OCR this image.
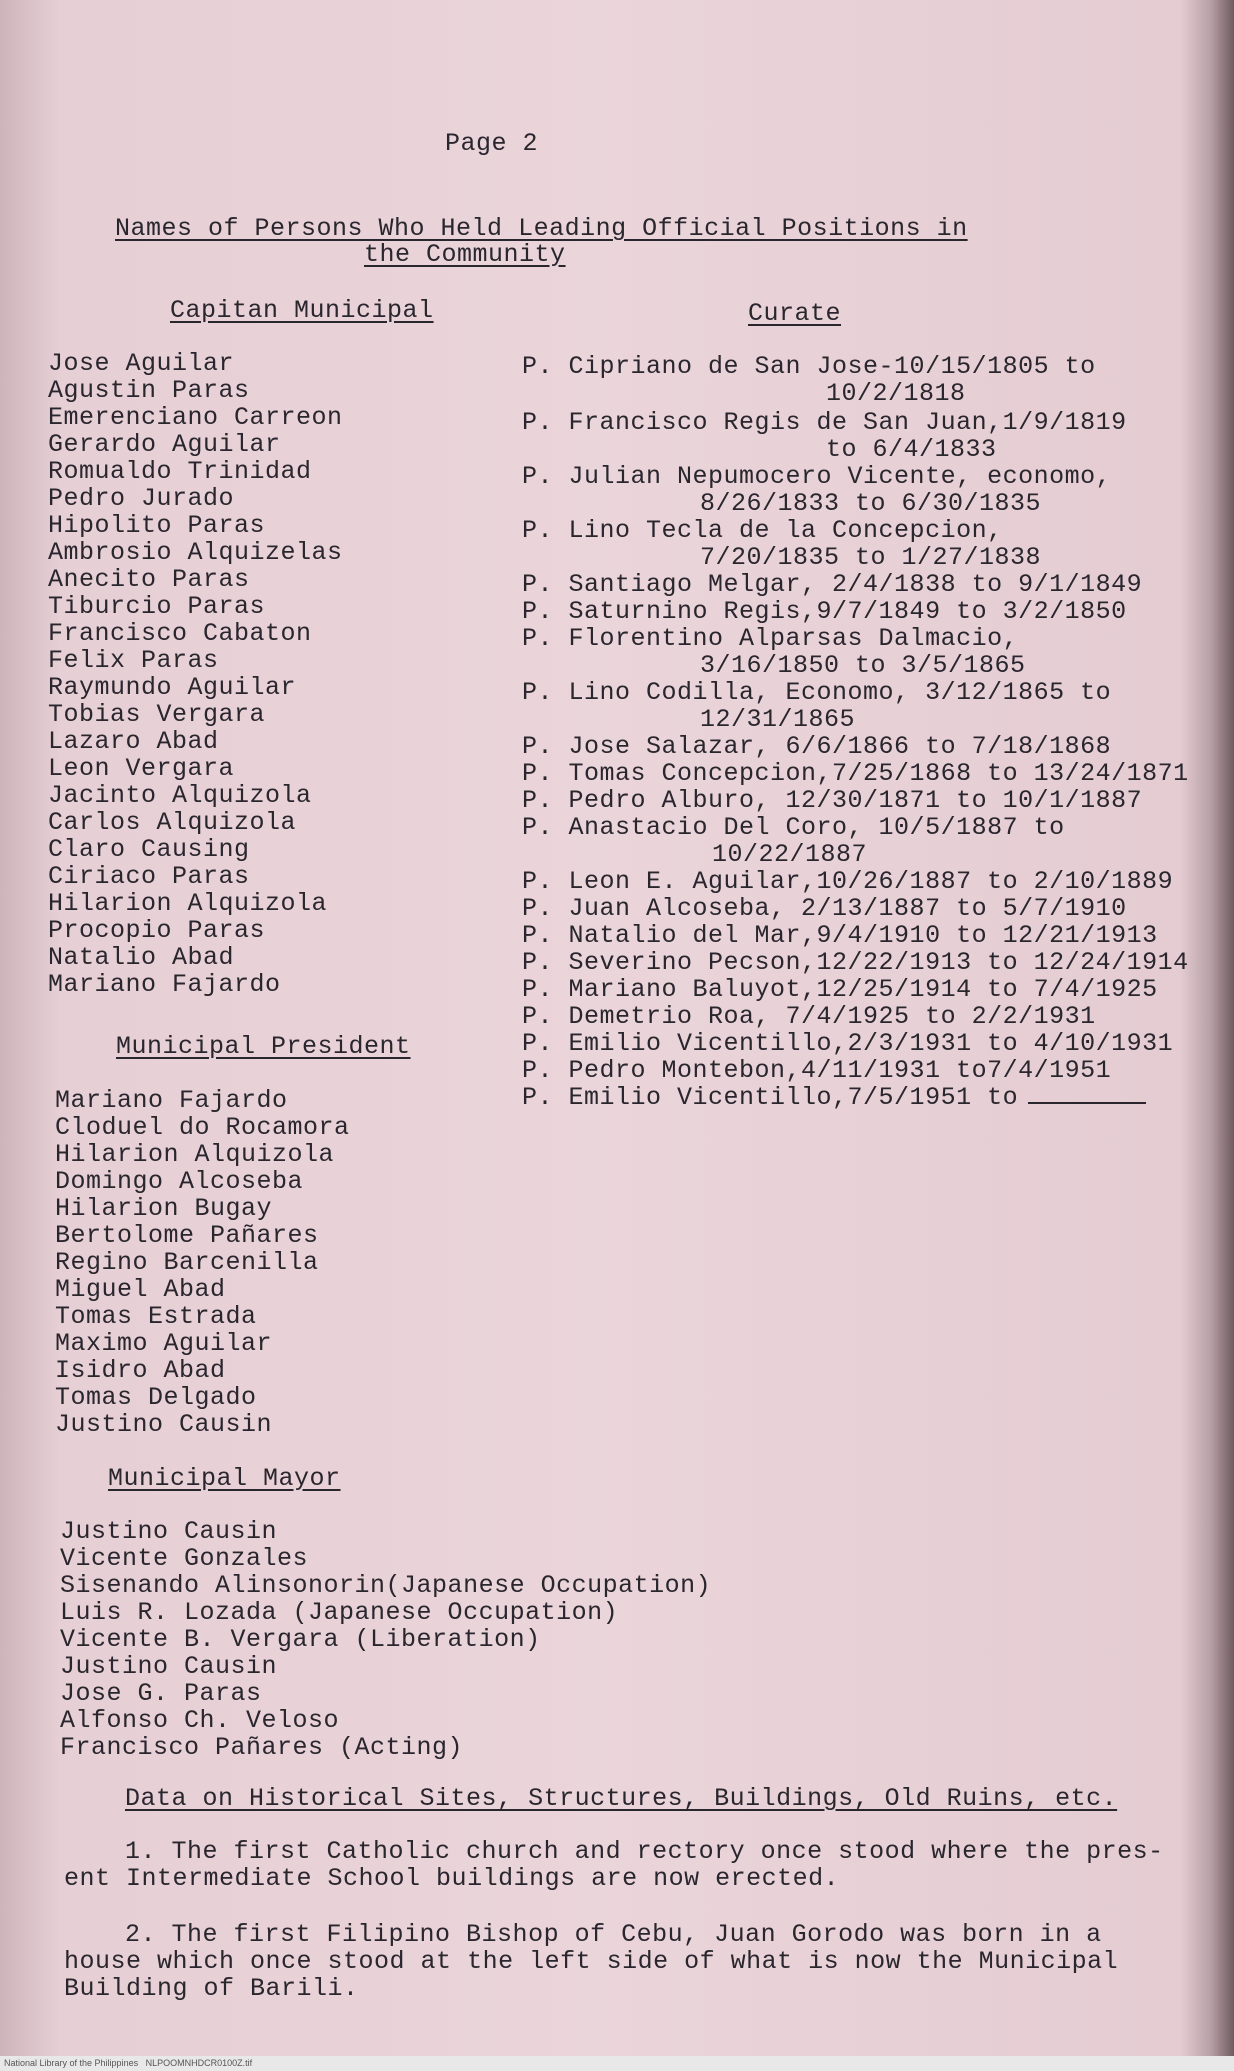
Page 2
Names of Persons Who Held Leading Official Positions in
the Community
Capitan Municipal	Curate
Jose Aguilar
Agustin Paras
Emerenciano Carreon
Gerardo Aguilar
Romualdo Trinidad
Pedro Jurado
Hipolito Paras
Ambrosio Alquizelas
Anecito Paras
Tiburcio Paras
Francisco Cabaton
Felix Paras
Raymundo Aguilar
Tobias Vergara
Lazaro Abad
Leon Vergara
Jacinto Alquizola
Carlos Alquizola
Claro Causing
Ciriaco Paras
Hilarion Alquizola
Procopio Paras
Natalio Abad
Mariano Fajardo
P. Cipriano de San Jose-10/15/1805 to
10/2/1818
P. Francisco Regis de San Juan,1/9/1819
to 6/4/1833
P. Julian Nepumocero Vicente, economo,
8/26/1833 to 6/30/1835
P. Lino Tecla de la Concepcion,
7/20/1835 to 1/27/1838
P. Santiago Melgar, 2/4/1838 to 9/1/1849
P. Saturnino Regis,9/7/1849 to 3/2/1850
P. Florentino Alparsas Dalmacio,
3/16/1850 to 3/5/1865
P. Lino Codilla, Economo, 3/12/1865 to
12/31/1865
P. Jose Salazar, 6/6/1866 to 7/18/1868
P. Tomas Concepcion,7/25/1868 to 13/24/1871
P. Pedro Alburo, 12/30/1871 to 10/1/1887
P. Anastacio Del Coro, 10/5/1887 to
10/22/1887
P. Leon E. Aguilar,10/26/1887 to 2/10/1889
P. Juan Alcoseba, 2/13/1887 to 5/7/1910
P. Natalio del Mar,9/4/1910 to 12/21/1913
P. Severino Pecson,12/22/1913 to 12/24/1914
P. Mariano Baluyot,12/25/1914 to 7/4/1925
P. Demetrio Roa, 7/4/1925 to 2/2/1931
P. Emilio Vicentillo,2/3/1931 to 4/10/1931
P. Pedro Montebon,4/11/1931 to7/4/1951
P. Emilio Vicentillo,7/5/1951 to
Municipal President
Mariano Fajardo
Cloduel do Rocamora
Hilarion Alquizola
Domingo Alcoseba
Hilarion Bugay
Bertolome Pañares
Regino Barcenilla
Miguel Abad
Tomas Estrada
Maximo Aguilar
Isidro Abad
Tomas Delgado
Justino Causin
Municipal Mayor
Justino Causin
Vicente Gonzales
Sisenando Alinsonorin(Japanese Occupation)
Luis R. Lozada (Japanese Occupation)
Vicente B. Vergara (Liberation)
Justino Causin
Jose G. Paras
Alfonso Ch. Veloso
Francisco Pañares (Acting)
Data on Historical Sites, Structures, Buildings, Old Ruins, etc.
1. The first Catholic church and rectory once stood where the pres-
ent Intermediate School buildings are now erected.
2. The first Filipino Bishop of Cebu, Juan Gorodo was born in a
house which once stood at the left side of what is now the Municipal
Building of Barili.
National Library of the Philippines   NLPOOMNHDCR0100Z.tif
